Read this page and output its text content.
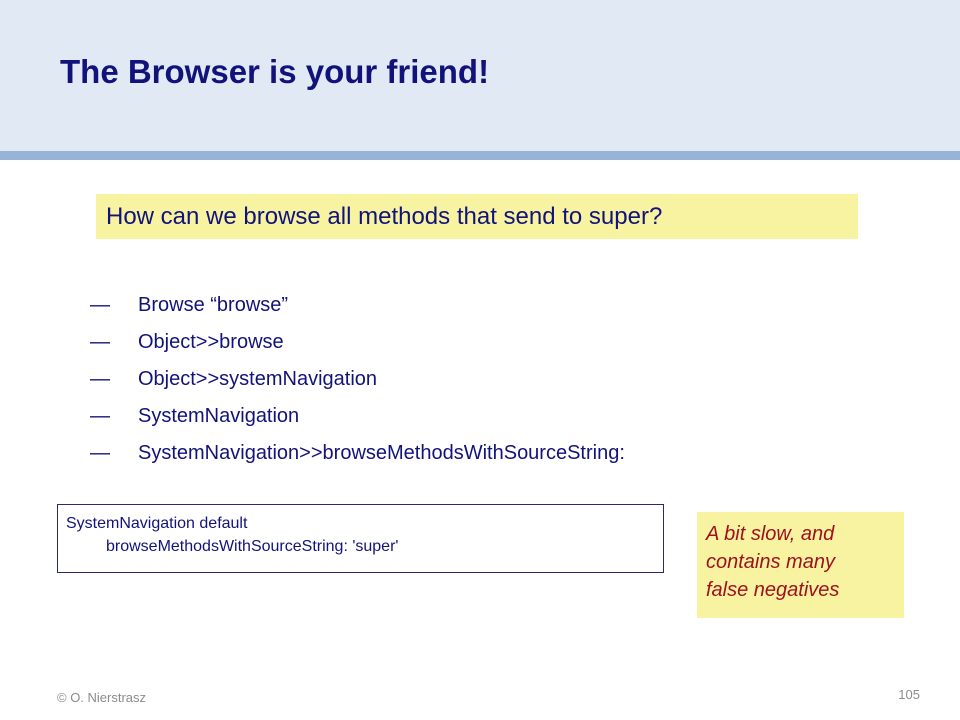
The Browser is your friend!
How can we browse all methods that send to super?
— Browse “browse”
— Object>>browse
— Object>>systemNavigation
— SystemNavigation
— SystemNavigation>>browseMethodsWithSourceString:
SystemNavigation default
browseMethodsWithSourceString: 'super'
A bit slow, and
contains many
false negatives
© O. Nierstrasz	105
